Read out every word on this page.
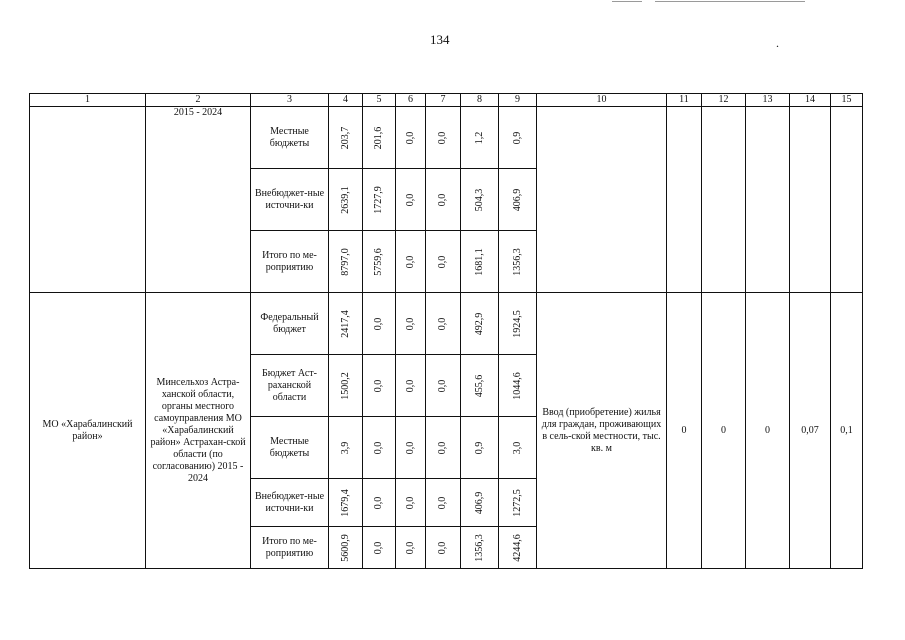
134	.
1	2	3	4	5	6	7	8	9	10	11	12	13	14	15
	2015 - 2024	Местные бюджеты	203,7	201,6	0,0	0,0	1,2	0,9						

		Внебюджет-ные источни-ки	2639,1	1727,9	0,0	0,0	504,3	406,9						

		Итого по ме-роприятию	8797,0	5759,6	0,0	0,0	1681,1	1356,3						

МО «Харабалинский район»	Минсельхоз Астра-ханской области, органы местного самоуправления МО «Харабалинский район» Астрахан-ской области (по согласованию) 2015 - 2024	Федеральный бюджет	2417,4	0,0	0,0	0,0	492,9	1924,5	Ввод (приобретение) жилья для граждан, проживающих в сель-ской местности, тыс. кв. м	0	0	0	0,07	0,1
		Бюджет Аст-раханской области	1500,2	0,0	0,0	0,0	455,6	1044,6						

		Местные бюджеты	3,9	0,0	0,0	0,0	0,9	3,0						

		Внебюджет-ные источни-ки	1679,4	0,0	0,0	0,0	406,9	1272,5						

		Итого по ме-роприятию	5600,9	0,0	0,0	0,0	1356,3	4244,6						
